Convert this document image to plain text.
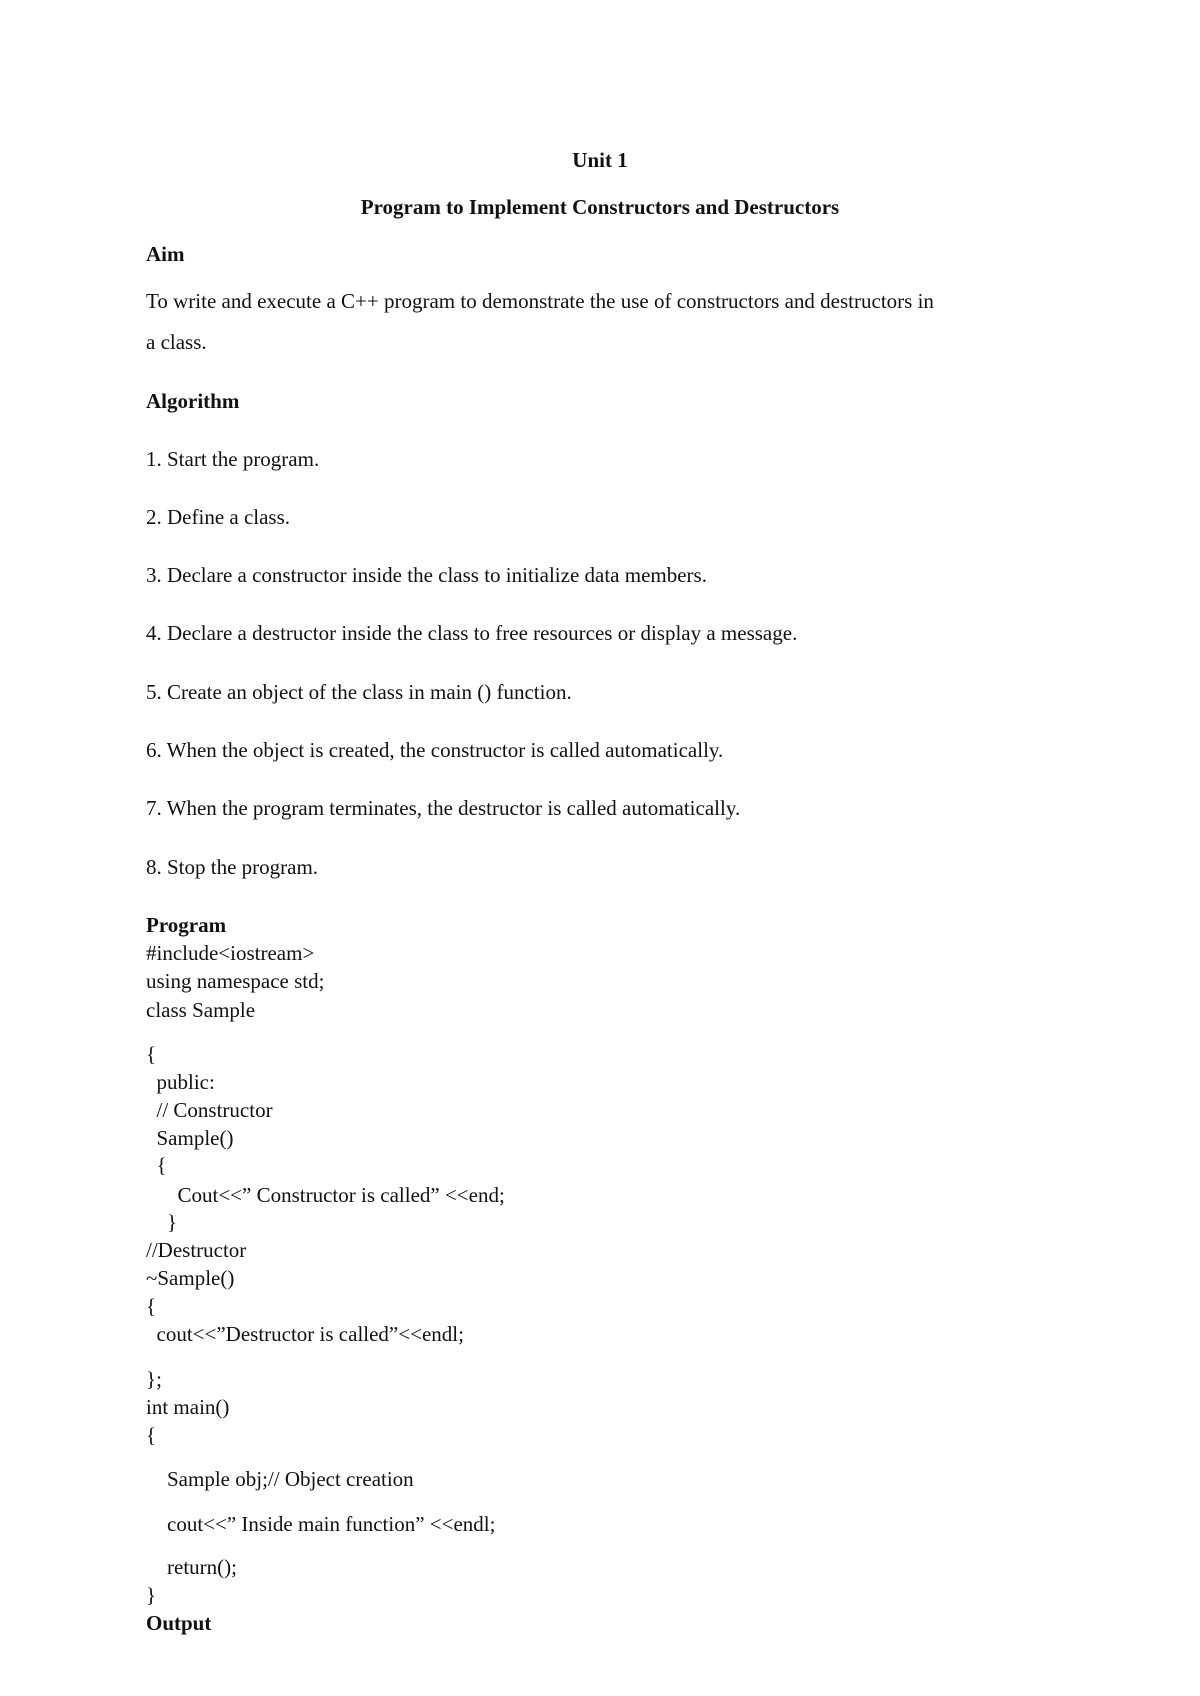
Unit 1
Program to Implement Constructors and Destructors
Aim
To write and execute a C++ program to demonstrate the use of constructors and destructors in
a class.
Algorithm
1. Start the program.
2. Define a class.
3. Declare a constructor inside the class to initialize data members.
4. Declare a destructor inside the class to free resources or display a message.
5. Create an object of the class in main () function.
6. When the object is created, the constructor is called automatically.
7. When the program terminates, the destructor is called automatically.
8. Stop the program.
Program
#include<iostream>
using namespace std;
class Sample
{
public:
// Constructor
Sample()
{
Cout<<” Constructor is called” <<end;
}
//Destructor
~Sample()
{
cout<<”Destructor is called”<<endl;
};
int main()
{
Sample obj;// Object creation
cout<<” Inside main function” <<endl;
return();
}
Output
